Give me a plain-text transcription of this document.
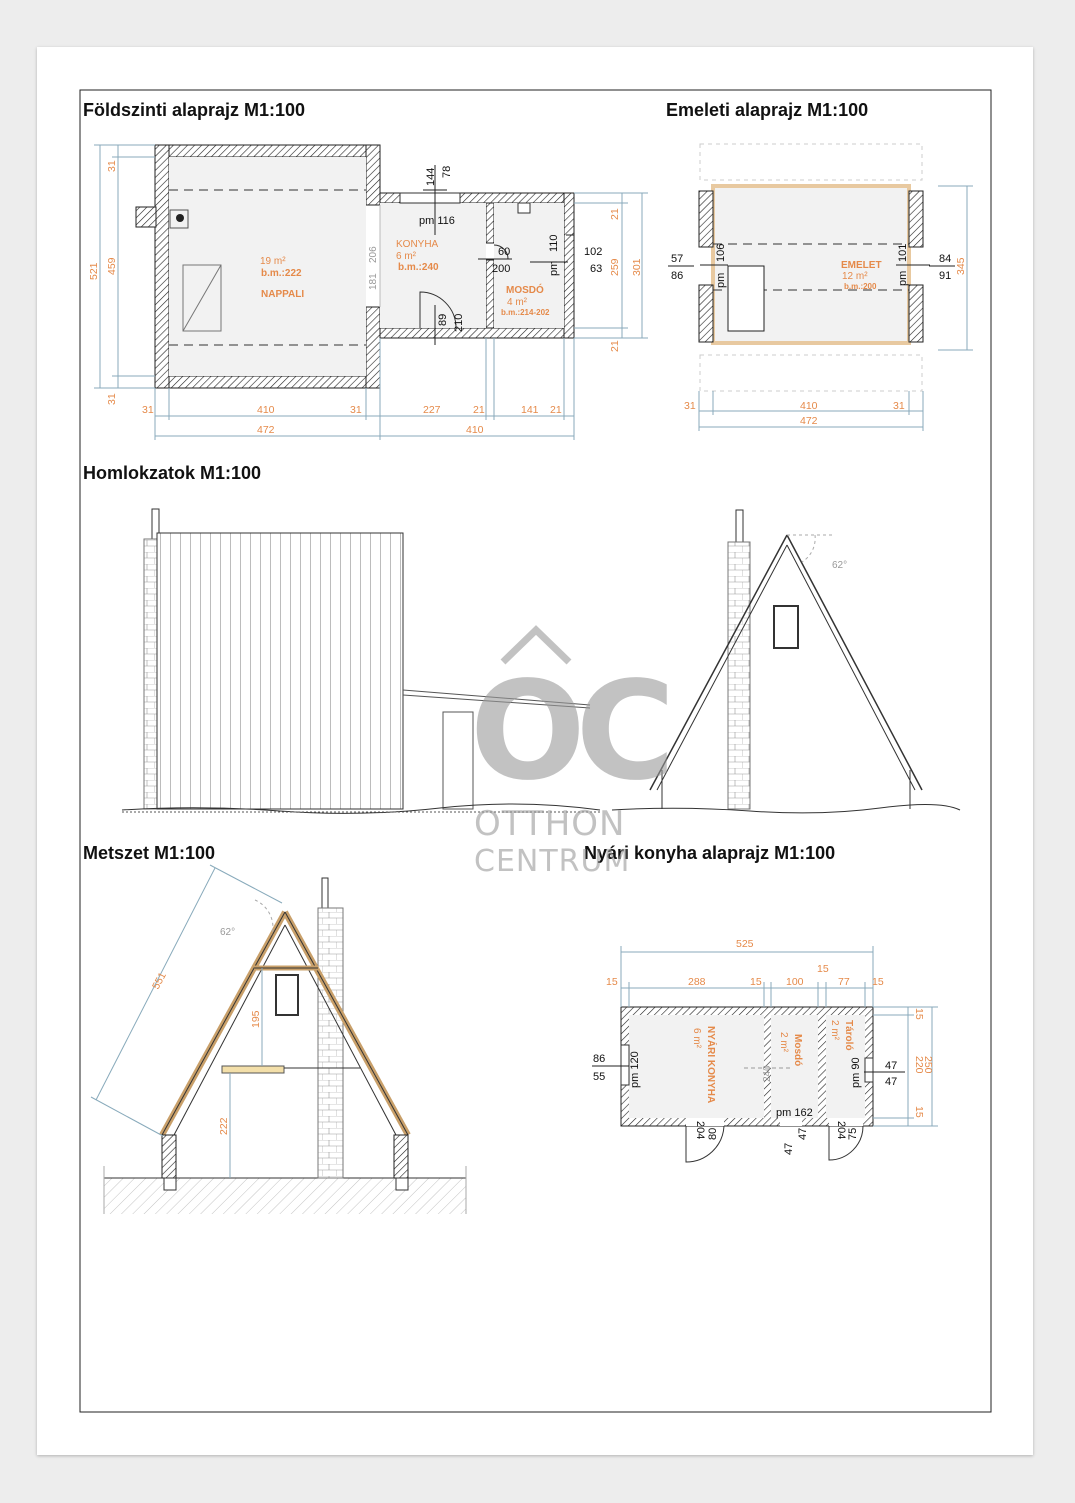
Földszinti alaprajz M1:100	Emeleti alaprajz M1:100
Homlokzatok M1:100
Metszet M1:100	Nyári konyha alaprajz M1:100
19 m²
b.m.:222
NAPPALI
KONYHA
6 m²
b.m.:240
MOSDÓ
4 m²
b.m.:214-202
pm 116
144 78
60
200	pm
110 102
63
181
206
89 210
31
521 459
31
21
259 301
21
31	410	31	227	21	141 21
472	410
EMELET
12 m²
b.m.:200
pm
106
pm
101
57
86
84
91
345
31	410	31
472
62°
551
62°
195
222
NYÁRI KONYHA
6 m²	Mosdó
2 m²	Tároló
2 m²
240
525
15	288	15 100
15
77 15
86
55 pm 120
pm 162
pm 90 47
47
15
220
250
15
204 80
47
47 204 75
OC
OTTHON
CENTRUM
